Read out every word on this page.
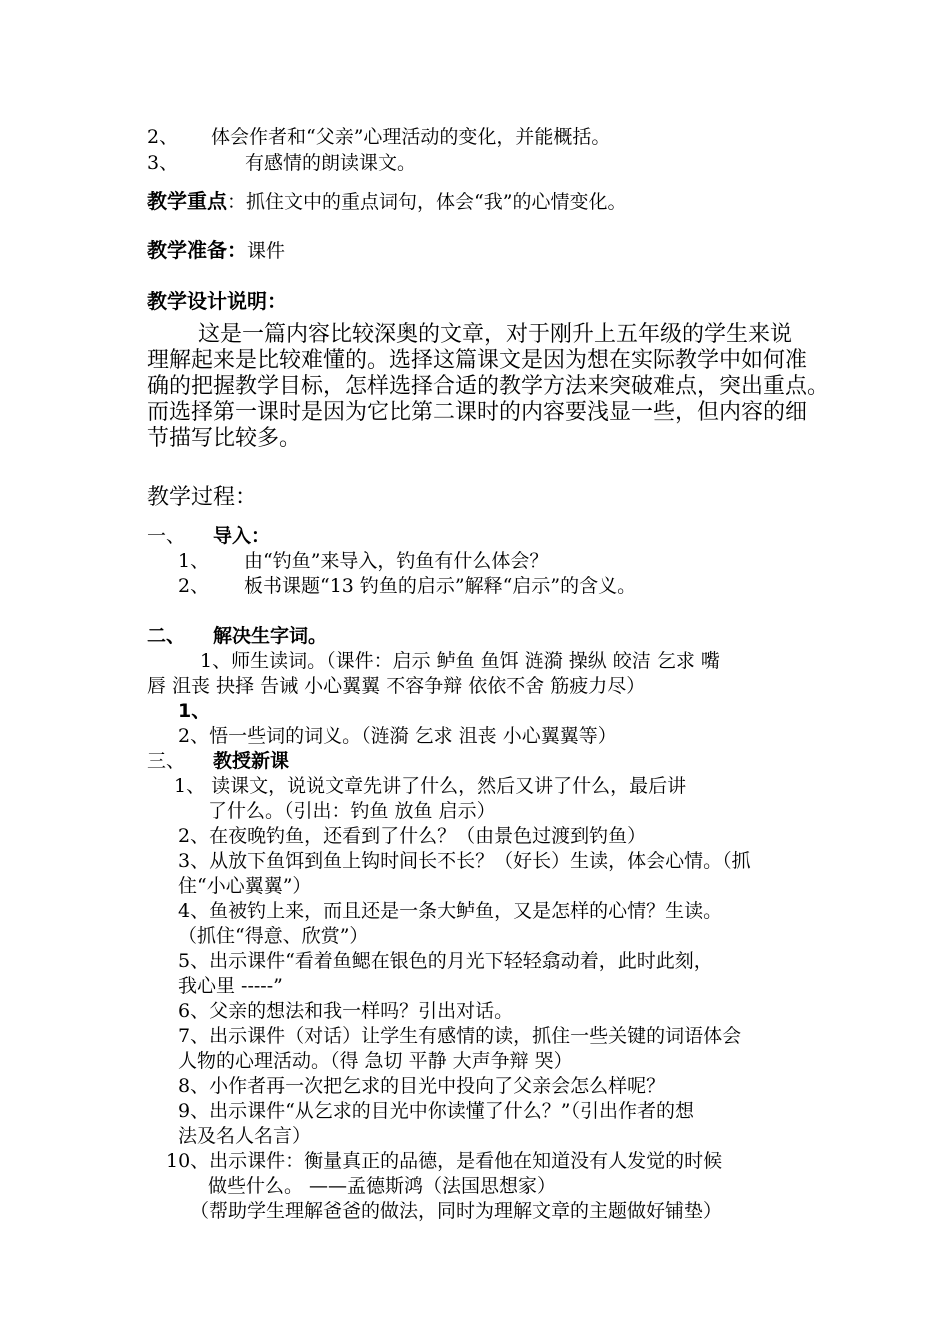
2、 体会作者和“父亲”心理活动的变化，并能概括。
3、	有感情的朗读课文。
教学重点：抓住文中的重点词句，体会“我”的心情变化。
教学准备：课件
教学设计说明：
这是一篇内容比较深奥的文章，对于刚升上五年级的学生来说
理解起来是比较难懂的。选择这篇课文是因为想在实际教学中如何准
确的把握教学目标，怎样选择合适的教学方法来突破难点，突出重点。
而选择第一课时是因为它比第二课时的内容要浅显一些，但内容的细
节描写比较多。
教学过程：
一、 导入：
1、 由“钓鱼”来导入，钓鱼有什么体会？
2、 板书课题“13 钓鱼的启示”解释“启示”的含义。
二、 解决生字词。
1、师生读词。（课件：启示 鲈鱼 鱼饵 涟漪 操纵 皎洁 乞求 嘴
唇 沮丧 抉择 告诫 小心翼翼 不容争辩 依依不舍 筋疲力尽）
1、
2、悟一些词的词义。（涟漪 乞求 沮丧 小心翼翼等）
三、 教授新课
1、 读课文，说说文章先讲了什么，然后又讲了什么，最后讲
了什么。（引出：钓鱼 放鱼 启示）
2、在夜晚钓鱼，还看到了什么？（由景色过渡到钓鱼）
3、从放下鱼饵到鱼上钩时间长不长？（好长）生读，体会心情。（抓
住“小心翼翼”）
4、鱼被钓上来，而且还是一条大鲈鱼，又是怎样的心情？生读。
（抓住“得意、欣赏”）
5、出示课件“看着鱼鳃在银色的月光下轻轻翕动着，此时此刻，
我心里 -----”
6、父亲的想法和我一样吗？引出对话。
7、出示课件（对话）让学生有感情的读，抓住一些关键的词语体会
人物的心理活动。（得 急切 平静 大声争辩 哭）
8、小作者再一次把乞求的目光中投向了父亲会怎么样呢？
9、出示课件“从乞求的目光中你读懂了什么？”（引出作者的想
法及名人名言）
10、出示课件：衡量真正的品德，是看他在知道没有人发觉的时候
做些什么。 ——孟德斯鸿（法国思想家）
（帮助学生理解爸爸的做法，同时为理解文章的主题做好铺垫）
